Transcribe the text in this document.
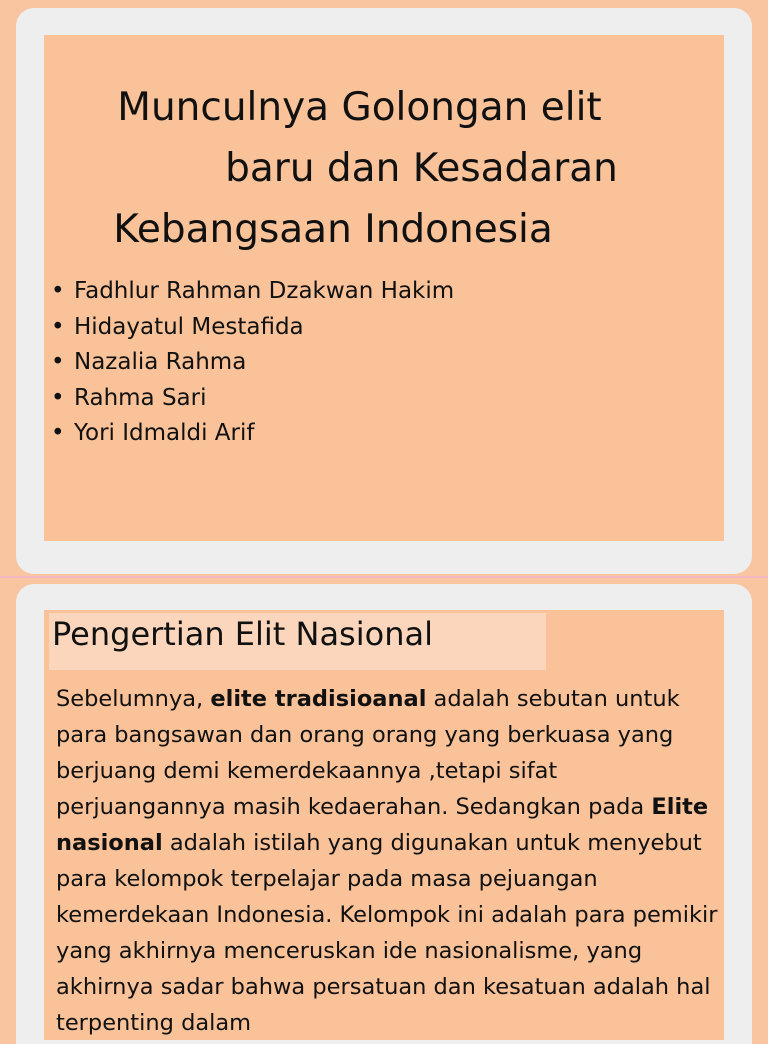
Munculnya Golongan elit
baru dan Kesadaran
Kebangsaan Indonesia
• Fadhlur Rahman Dzakwan Hakim
• Hidayatul Mestafida
• Nazalia Rahma
• Rahma Sari
• Yori Idmaldi Arif
Pengertian Elit Nasional
Sebelumnya, elite tradisioanal adalah sebutan untuk para bangsawan dan orang orang yang berkuasa yang berjuang demi kemerdekaannya ,tetapi sifat perjuangannya masih kedaerahan. Sedangkan pada Elite nasional adalah istilah yang digunakan untuk menyebut para kelompok terpelajar pada masa pejuangan kemerdekaan Indonesia. Kelompok ini adalah para pemikir yang akhirnya menceruskan ide nasionalisme, yang akhirnya sadar bahwa persatuan dan kesatuan adalah hal terpenting dalam
